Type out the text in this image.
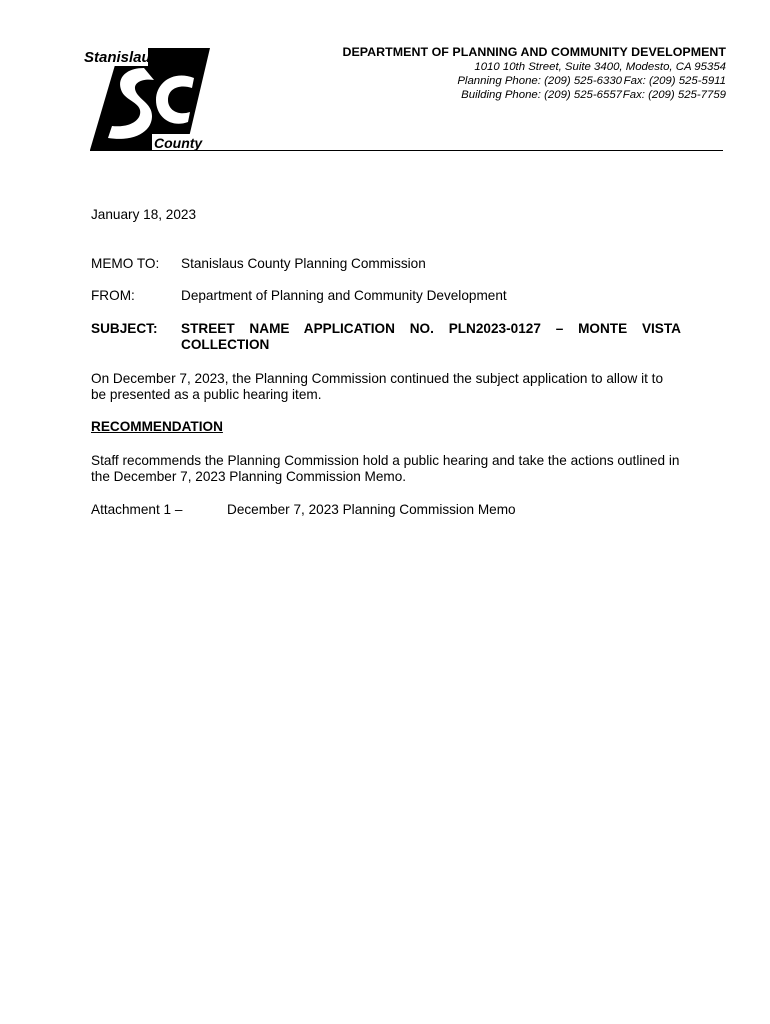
Stanislaus
County
DEPARTMENT OF PLANNING AND COMMUNITY DEVELOPMENT
1010 10th Street, Suite 3400, Modesto, CA 95354
Planning Phone: (209) 525-6330 Fax: (209) 525-5911
Building Phone: (209) 525-6557Fax: (209) 525-7759
January 18, 2023
MEMO TO:	Stanislaus County Planning Commission
FROM:	Department of Planning and Community Development
SUBJECT:	STREET NAME APPLICATION NO. PLN2023-0127 – MONTE VISTA COLLECTION
On December 7, 2023, the Planning Commission continued the subject application to allow it to be presented as a public hearing item.
RECOMMENDATION
Staff recommends the Planning Commission hold a public hearing and take the actions outlined in the December 7, 2023 Planning Commission Memo.
Attachment 1 –	December 7, 2023 Planning Commission Memo
